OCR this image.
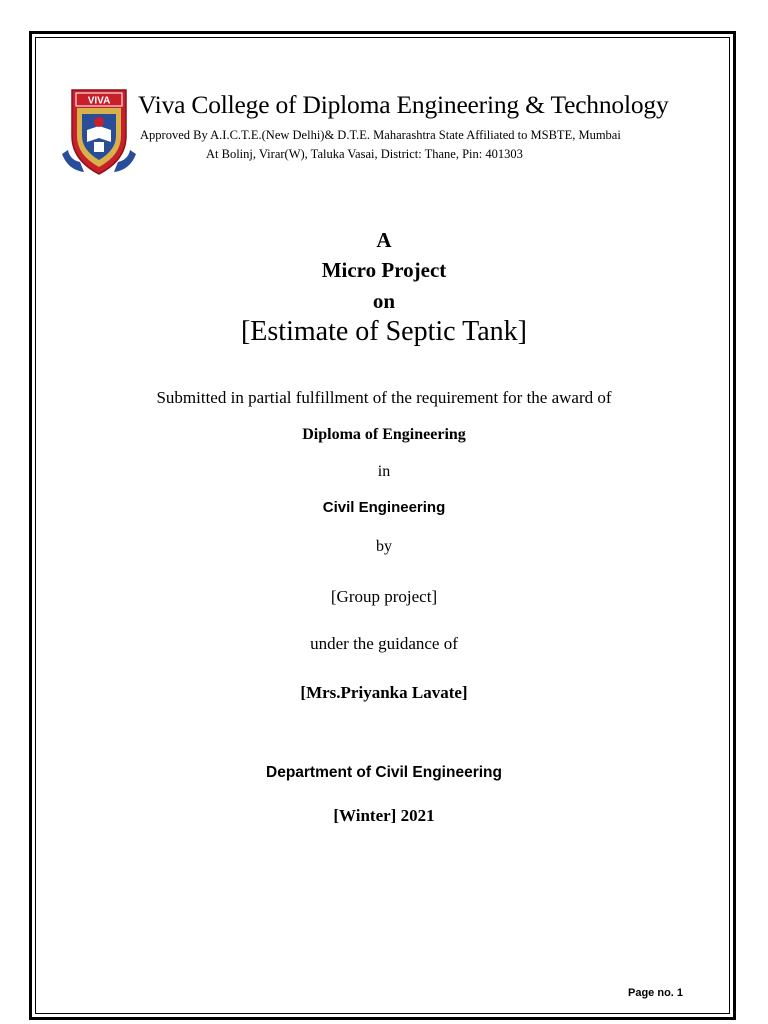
VIVA Viva College of Diploma Engineering & Technology
Approved By A.I.C.T.E.(New Delhi)& D.T.E. Maharashtra State Affiliated to MSBTE, Mumbai
At Bolinj, Virar(W), Taluka Vasai, District: Thane, Pin: 401303
A
Micro Project
on
[Estimate of Septic Tank]
Submitted in partial fulfillment of the requirement for the award of
Diploma of Engineering
in
Civil Engineering
by
[Group project]
under the guidance of
[Mrs.Priyanka Lavate]
Department of Civil Engineering
[Winter] 2021
Page no. 1
